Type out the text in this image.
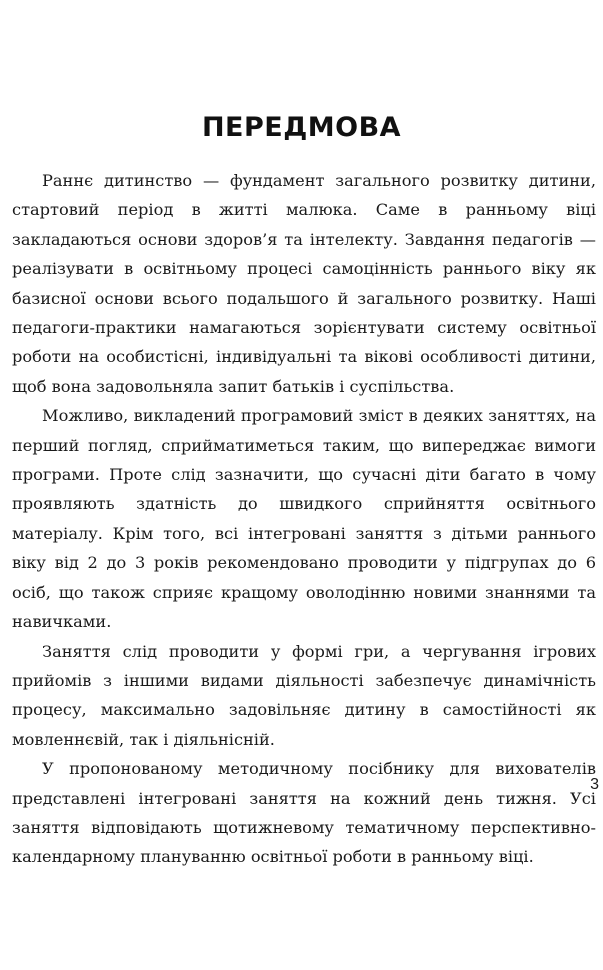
ПЕРЕДМОВА

Раннє дитинство — фундамент загального розвитку дитини, стартовий період в житті малюка. Саме в ранньому віці закладаються основи здоров’я та інтелекту. Завдання педагогів — реалізувати в освітньому процесі самоцінність раннього віку як базисної основи всього подальшого й загального розвитку. Наші педагоги-практики намагаються зорієнтувати систему освітньої роботи на особистісні, індивідуальні та вікові особливості дитини, щоб вона задовольняла запит батьків і суспільства.

Можливо, викладений програмовий зміст в деяких заняттях, на перший погляд, сприйматиметься таким, що випереджає вимоги програми. Проте слід зазначити, що сучасні діти багато в чому проявляють здатність до швидкого сприйняття освітнього матеріалу. Крім того, всі інтегровані заняття з дітьми раннього віку від 2 до 3 років рекомендовано проводити у підгрупах до 6 осіб, що також сприяє кращому оволодінню новими знаннями та навичками.

Заняття слід проводити у формі гри, а чергування ігрових прийомів з іншими видами діяльності забезпечує динамічність процесу, максимально задовільняє дитину в самостійності як мовленнєвій, так і діяльнісній.

У пропонованому методичному посібнику для вихователів представлені інтегровані заняття на кожний день тижня. Усі заняття відповідають щотижневому тематичному перспективно-календарному плануванню освітньої роботи в ранньому віці.

3
